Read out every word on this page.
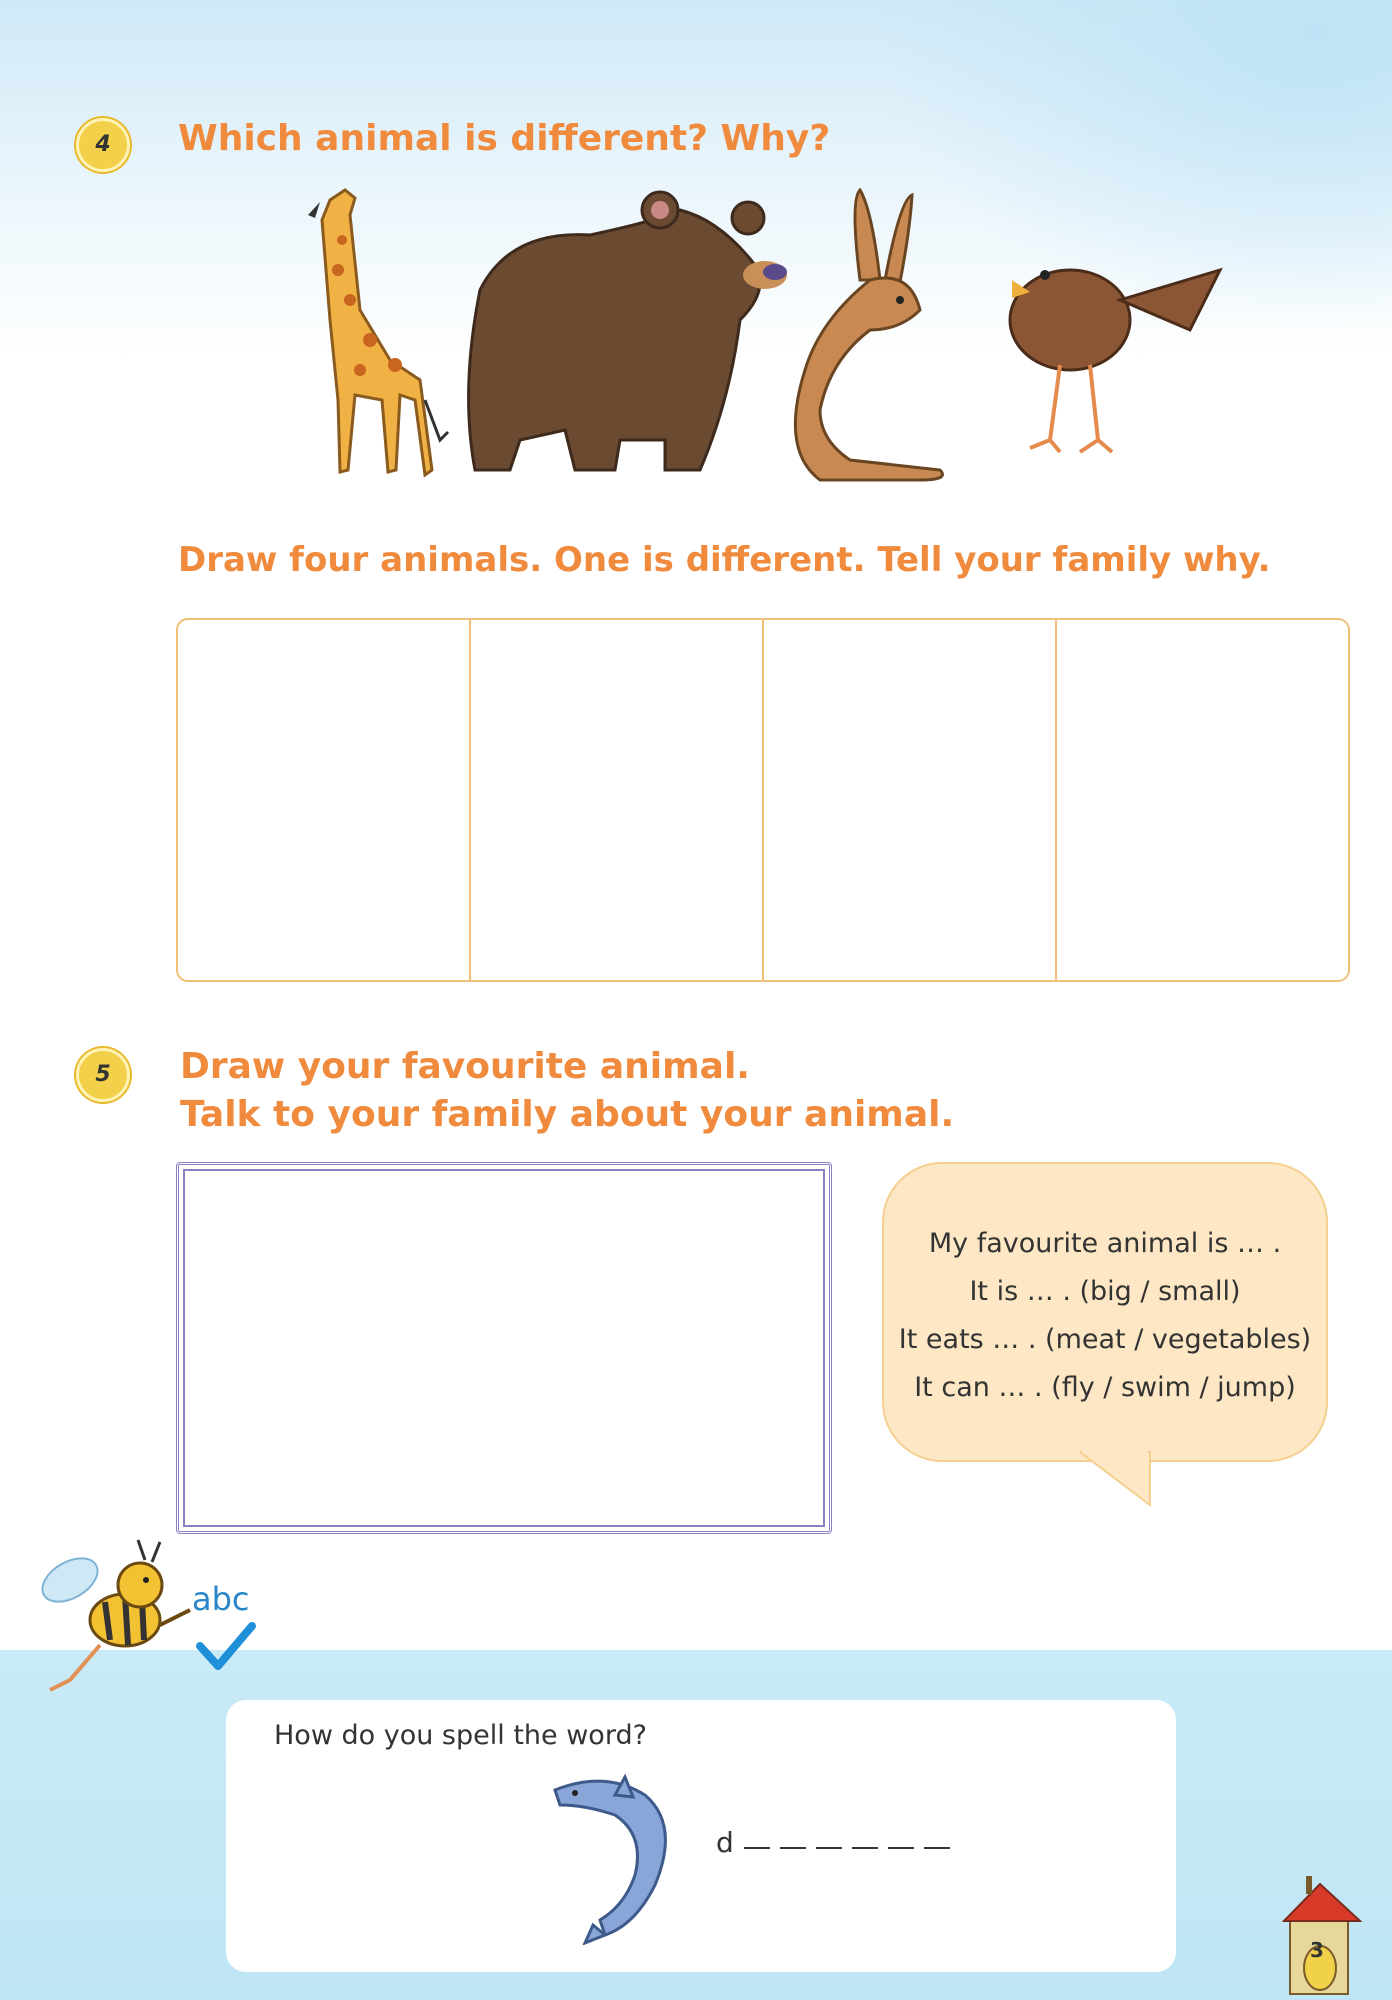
4	Which animal is different? Why?
Draw four animals. One is different. Tell your family why.
5	Draw your favourite animal.
Talk to your family about your animal.
My favourite animal is … .
It is … . (big / small)
It eats … . (meat / vegetables)
It can … . (fly / swim / jump)
abc
How do you spell the word?
d
3
